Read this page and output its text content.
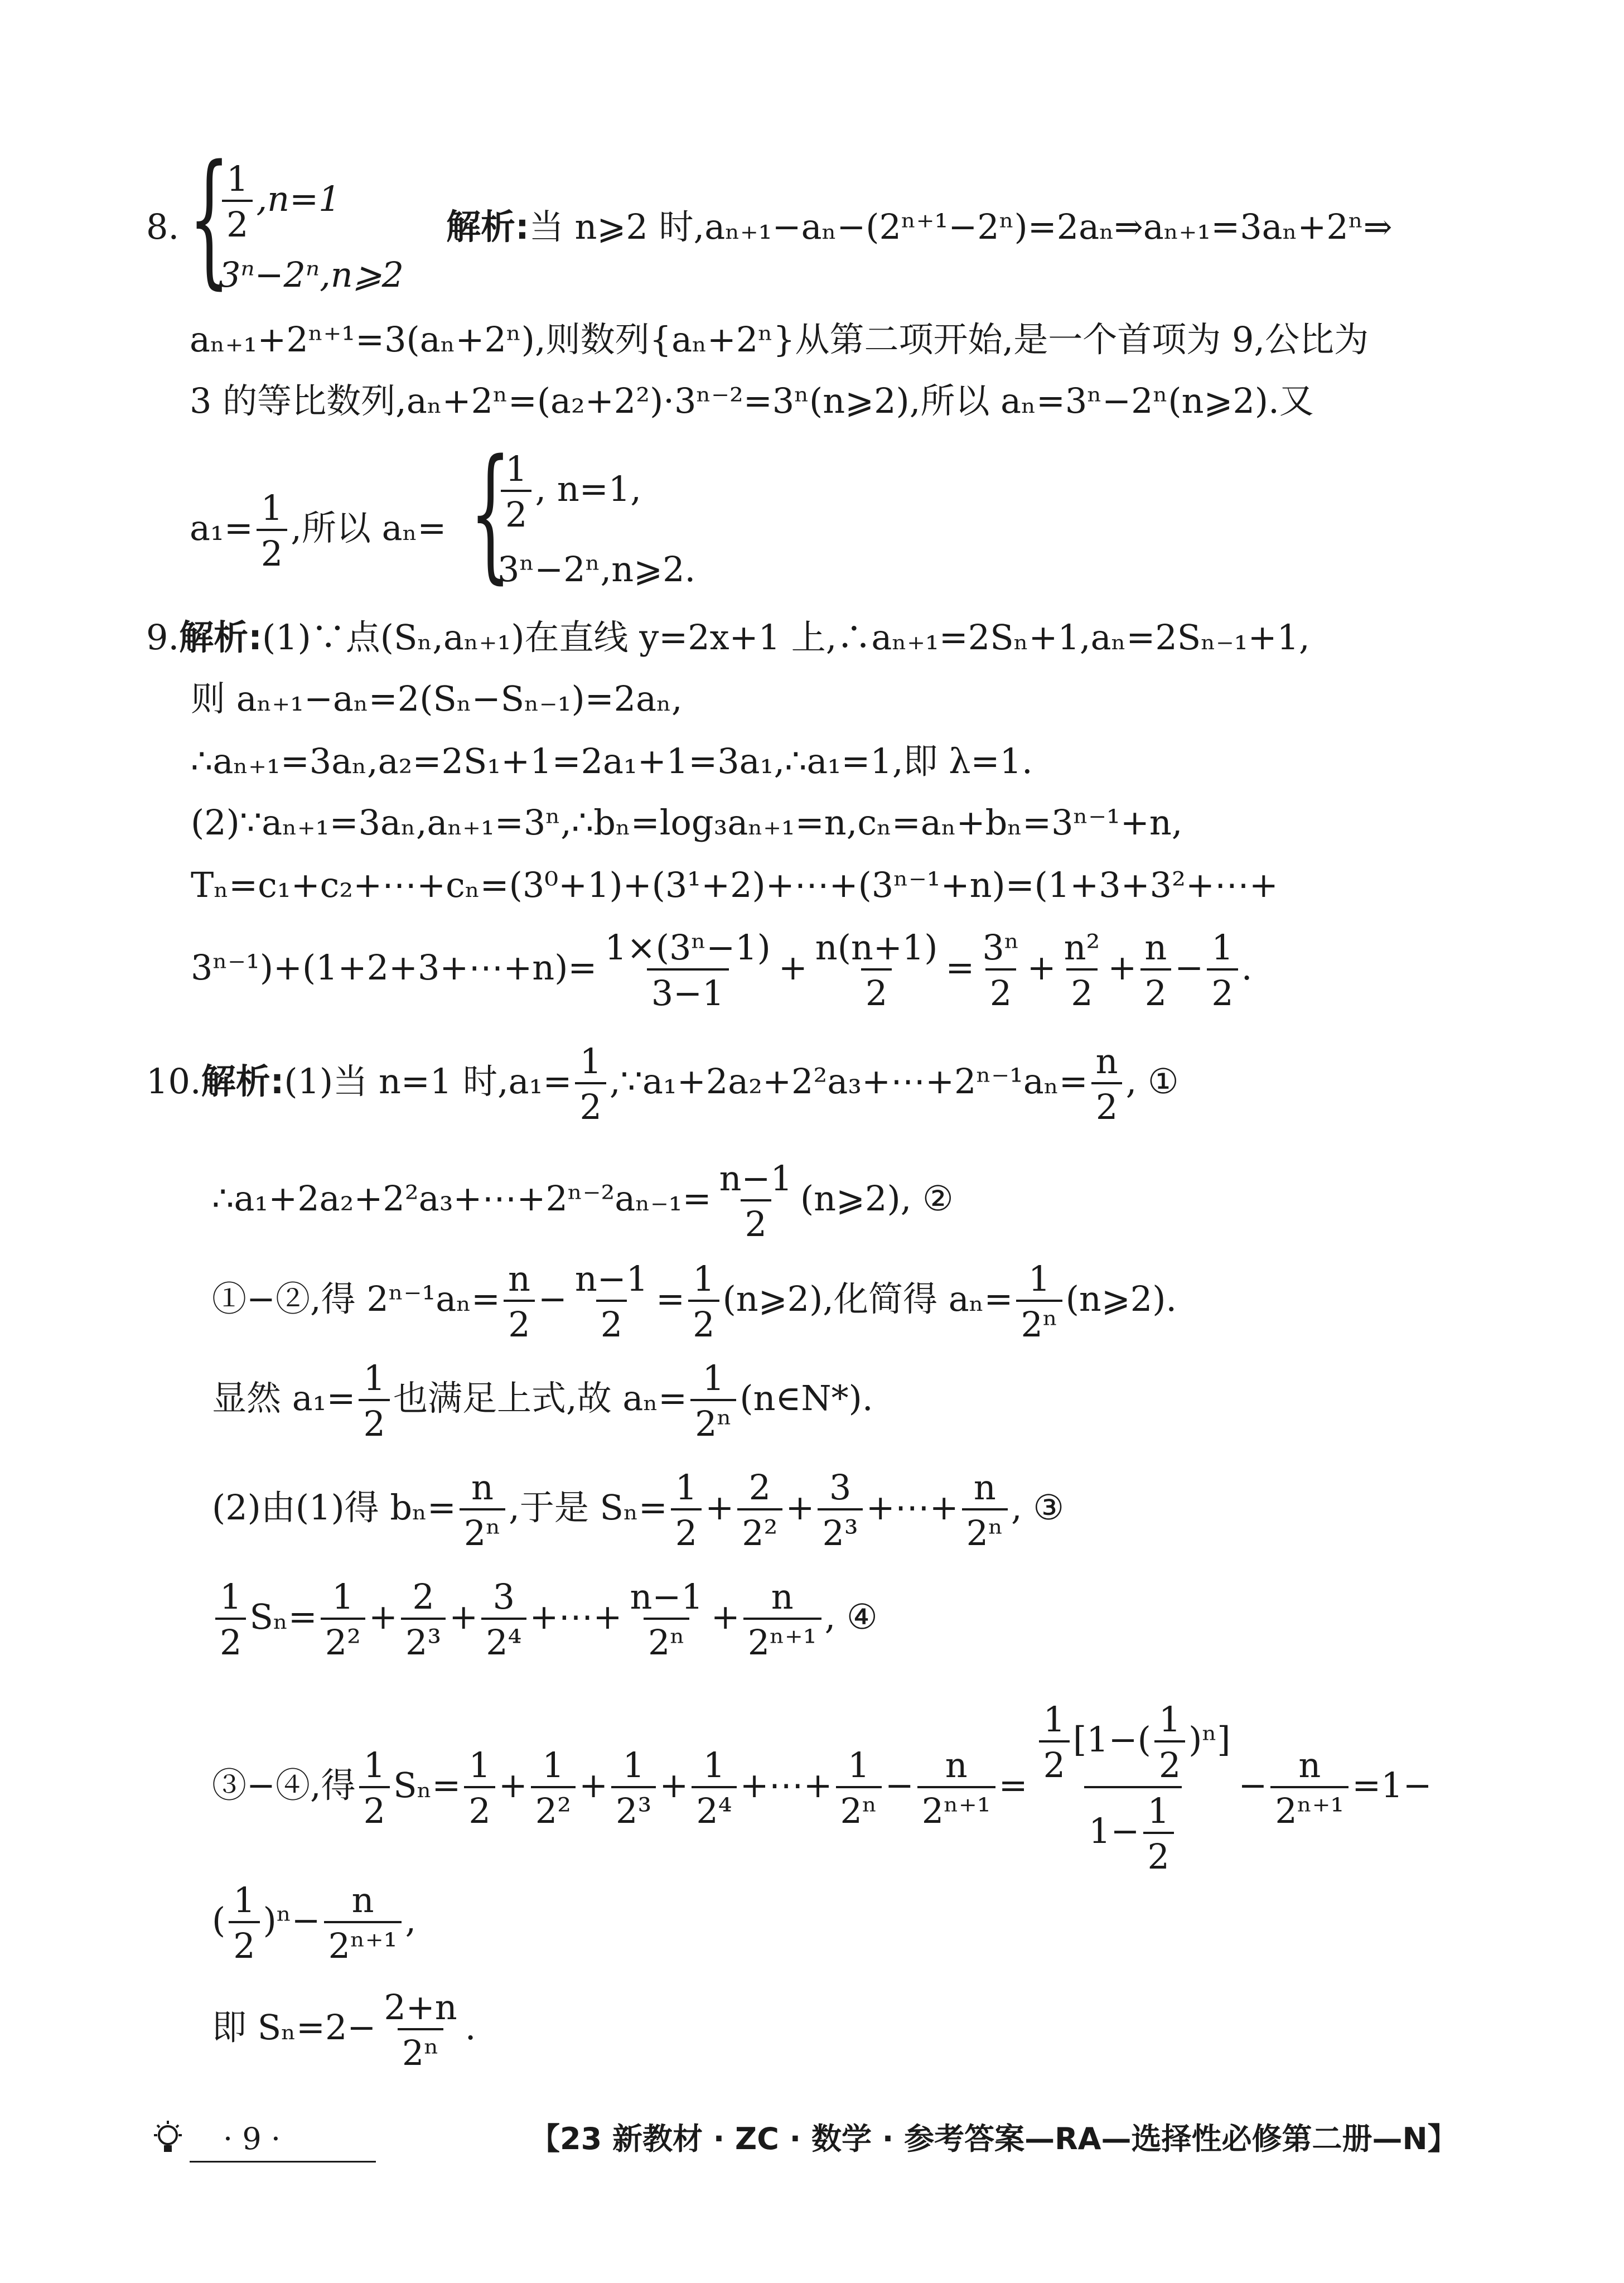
8. {
$\frac{1}{2} ,n=1$
3ⁿ−2ⁿ,n⩾2
解析:当 n⩾2 时,aₙ₊₁−aₙ−(2ⁿ⁺¹−2ⁿ)=2aₙ⇒aₙ₊₁=3aₙ+2ⁿ⇒
aₙ₊₁+2ⁿ⁺¹=3(aₙ+2ⁿ),则数列{aₙ+2ⁿ}从第二项开始,是一个首项为 9,公比为
3 的等比数列,aₙ+2ⁿ=(a₂+2²)·3ⁿ⁻²=3ⁿ(n⩾2),所以 aₙ=3ⁿ−2ⁿ(n⩾2).又
$a_1= \frac{1}{2}$ ,所以 aₙ= {
$\frac{1}{2}$ , n=1,
3ⁿ−2ⁿ,n⩾2.
9.解析:(1)∵点(Sₙ,aₙ₊₁)在直线 y=2x+1 上,∴aₙ₊₁=2Sₙ+1,aₙ=2Sₙ₋₁+1,
则 aₙ₊₁−aₙ=2(Sₙ−Sₙ₋₁)=2aₙ,
∴aₙ₊₁=3aₙ,a₂=2S₁+1=2a₁+1=3a₁,∴a₁=1,即 λ=1.
(2)∵aₙ₊₁=3aₙ,aₙ₊₁=3ⁿ,∴bₙ=log₃aₙ₊₁=n,cₙ=aₙ+bₙ=3ⁿ⁻¹+n,
Tₙ=c₁+c₂+⋯+cₙ=(3⁰+1)+(3¹+2)+⋯+(3ⁿ⁻¹+n)=(1+3+3²+⋯+
3ⁿ⁻¹)+(1+2+3+⋯+n)= $\frac{\text{1×(3ⁿ−1)}}{3-1} + \frac{n(n+1)}{2} = \frac{\text{3ⁿ}}{2} + \frac{\text{n²}}{2} + \frac{n}{2} - \frac{1}{2}$ .
10.解析:(1)当 n=1 时$,a_1= \frac{1}{2}$ ,∵a₁+2a₂+2²a₃+⋯+2ⁿ⁻¹aₙ= $\frac{n}{2}$ , ①
∴a₁+2a₂+2²a₃+⋯+2ⁿ⁻²aₙ₋₁= $\frac{n-1}{2}$ (n⩾2), ②
①−②,得 $2^{n-1}a_n= \frac{n}{2} - \frac{n-1}{2} = \frac{1}{2}$ (n⩾2),化简得 $a_n= \frac{1}{\text{2ⁿ}}$ (n⩾2).
显然 $a_1= \frac{1}{2}$ 也满足上式,故 $a_n= \frac{1}{\text{2ⁿ}}$ (n∈N*).
(2)由(1)得 $b_n= \frac{n}{\text{2ⁿ}}$ ,于是 $S_n= \frac{1}{2} + \frac{2}{\text{2²}} + \frac{3}{\text{2³}}$ +⋯+ $\frac{n}{\text{2ⁿ}}$ , ③
$\frac{1}{2} S_n= \frac{1}{\text{2²}} + \frac{2}{\text{2³}} + \frac{3}{\text{2⁴}}$ +⋯+ $\frac{n-1}{\text{2ⁿ}} + \frac{n}{\text{2ⁿ⁺¹}}$ , ④
③−④,得 $\frac{1}{2} S_n= \frac{1}{2} + \frac{1}{\text{2²}} + \frac{1}{\text{2³}} + \frac{1}{\text{2⁴}}$ +⋯+ $\frac{1}{\text{2ⁿ}} - \frac{n}{\text{2ⁿ⁺¹}} = \frac{\frac{1}{2} [1-( \frac{1}{2} )^n]}{1- \frac{1}{2}} - \frac{n}{\text{2ⁿ⁺¹}} =1-$
( $\frac{1}{2} )^n- \frac{n}{\text{2ⁿ⁺¹}}$ ,
即 $S_n=2- \frac{2+n}{\text{2ⁿ}}$ .
· 9 ·	【23 新教材 · ZC · 数学 · 参考答案—RA—选择性必修第二册—N】
